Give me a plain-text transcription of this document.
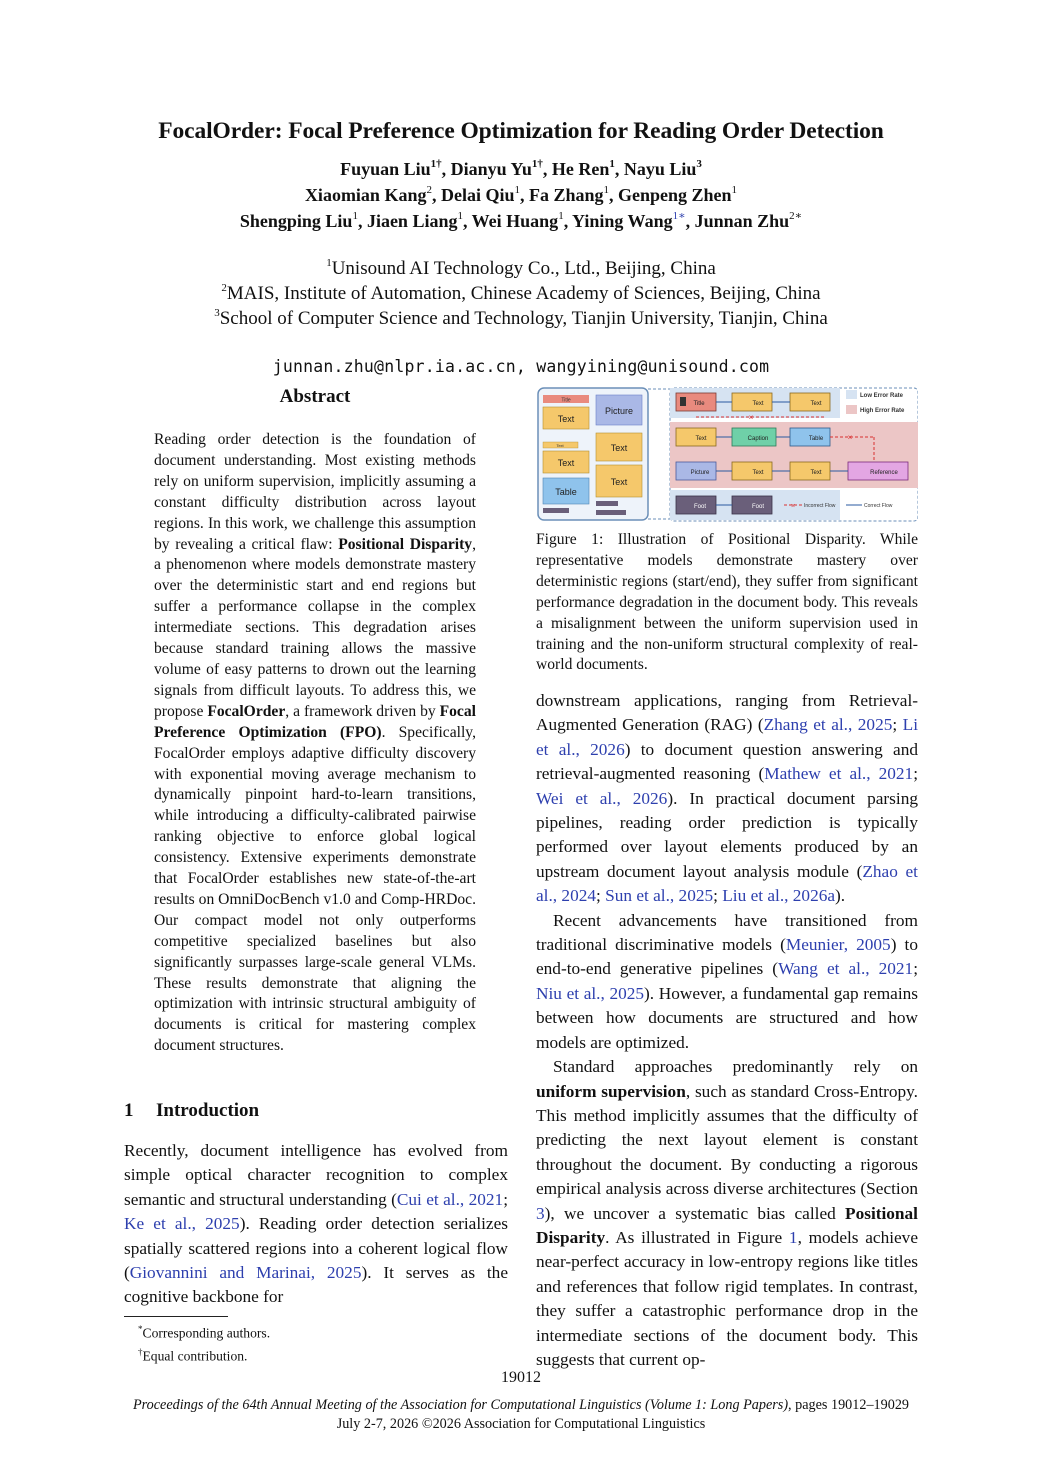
FocalOrder: Focal Preference Optimization for Reading Order Detection
Fuyuan Liu$^{1\dagger}$, Dianyu $Yu^{1\dagger}$, He Ren$^1$, Nayu Liu$^3$
Xiaomian Kang$^2$, Delai Qiu$^1$, Fa Zhang$^1$, Genpeng Zhen$^1$
Shengping Liu$^1$, Jiaen Liang$^1$, Wei Huang$^1$, Yining Wang$^{1∗}$, Junnan Zhu$^{2∗}$
$^1$Unisound AI Technology Co., Ltd., Beijing, China
$^2$MAIS, Institute of Automation, Chinese Academy of Sciences, Beijing, China
$^3$School of Computer Science and Technology, Tianjin University, Tianjin, China
junnan.zhu@nlpr.ia.ac.cn, wangyining@unisound.com
Abstract
Reading order detection is the foundation of document understanding. Most existing methods rely on uniform supervision, implicitly assuming a constant difficulty distribution across layout regions. In this work, we challenge this assumption by revealing a critical flaw: Positional Disparity, a phenomenon where models demonstrate mastery over the deterministic start and end regions but suffer a performance collapse in the complex intermediate sections. This degradation arises because standard training allows the massive volume of easy patterns to drown out the learning signals from difficult layouts. To address this, we propose FocalOrder, a framework driven by Focal Preference Optimization (FPO). Specifically, FocalOrder employs adaptive difficulty discovery with exponential moving average mechanism to dynamically pinpoint hard-to-learn transitions, while introducing a difficulty-calibrated pairwise ranking objective to enforce global logical consistency. Extensive experiments demonstrate that FocalOrder establishes new state-of-the-art results on OmniDocBench v1.0 and Comp-HRDoc. Our compact model not only outperforms competitive specialized baselines but also significantly surpasses large-scale general VLMs. These results demonstrate that aligning the optimization with intrinsic structural ambiguity of documents is critical for mastering complex document structures.
1 Introduction

Recently, document intelligence has evolved from simple optical character recognition to complex semantic and structural understanding (Cui et al., 2021; Ke et al., 2025). Reading order detection serializes spatially scattered regions into a coherent logical flow (Giovannini and Marinai, 2025). It serves as the cognitive backbone for

*Corresponding authors.
†Equal contribution.
Title
Text
Text
Text
Table
Picture
Text
Text
Low Error Rate
High Error Rate
Title	Text	Text
×
Text	Caption	Table	×
Picture	Text	Text	Reference
Foot	Foot	× Incorrect Flow	Correct Flow
Figure 1: Illustration of Positional Disparity. While representative models demonstrate mastery over deterministic regions (start/end), they suffer from significant performance degradation in the document body. This reveals a misalignment between the uniform supervision used in training and the non-uniform structural complexity of real-world documents.

downstream applications, ranging from Retrieval-Augmented Generation (RAG) (Zhang et al., 2025; Li et al., 2026) to document question answering and retrieval-augmented reasoning (Mathew et al., 2021; Wei et al., 2026). In practical document parsing pipelines, reading order prediction is typically performed over layout elements produced by an upstream document layout analysis module (Zhao et al., 2024; Sun et al., 2025; Liu et al., 2026a).

Recent advancements have transitioned from traditional discriminative models (Meunier, 2005) to end-to-end generative pipelines (Wang et al., 2021; Niu et al., 2025). However, a fundamental gap remains between how documents are structured and how models are optimized.

Standard approaches predominantly rely on uniform supervision, such as standard Cross-Entropy. This method implicitly assumes that the difficulty of predicting the next layout element is constant throughout the document. By conducting a rigorous empirical analysis across diverse architectures (Section 3), we uncover a systematic bias called Positional Disparity. As illustrated in Figure 1, models achieve near-perfect accuracy in low-entropy regions like titles and references that follow rigid templates. In contrast, they suffer a catastrophic performance drop in the intermediate sections of the document body. This suggests that current op-

19012
Proceedings of the 64th Annual Meeting of the Association for Computational Linguistics (Volume 1: Long Papers), pages 19012–19029
July 2-7, 2026 ©2026 Association for Computational Linguistics
